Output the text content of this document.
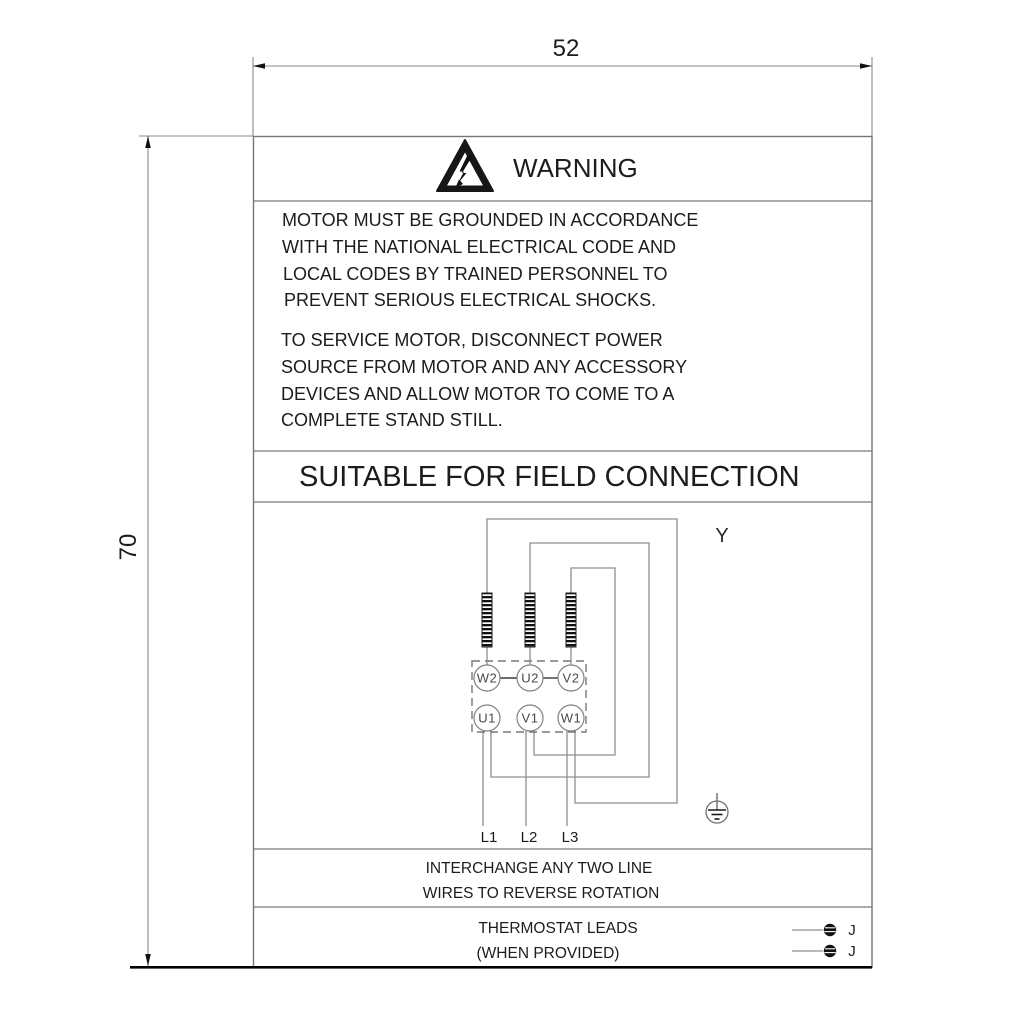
52
70
WARNING
MOTOR MUST BE GROUNDED IN ACCORDANCE
WITH THE NATIONAL ELECTRICAL CODE AND
LOCAL CODES BY TRAINED PERSONNEL TO
PREVENT SERIOUS ELECTRICAL SHOCKS.
TO SERVICE MOTOR, DISCONNECT POWER
SOURCE FROM MOTOR AND ANY ACCESSORY
DEVICES AND ALLOW MOTOR TO COME TO A
COMPLETE STAND STILL.
SUITABLE FOR FIELD CONNECTION
W2 U2 V2
U1 V1 W1
L1 L2 L3
Y
INTERCHANGE ANY TWO LINE
WIRES TO REVERSE ROTATION
THERMOSTAT LEADS
(WHEN PROVIDED)
J
J
